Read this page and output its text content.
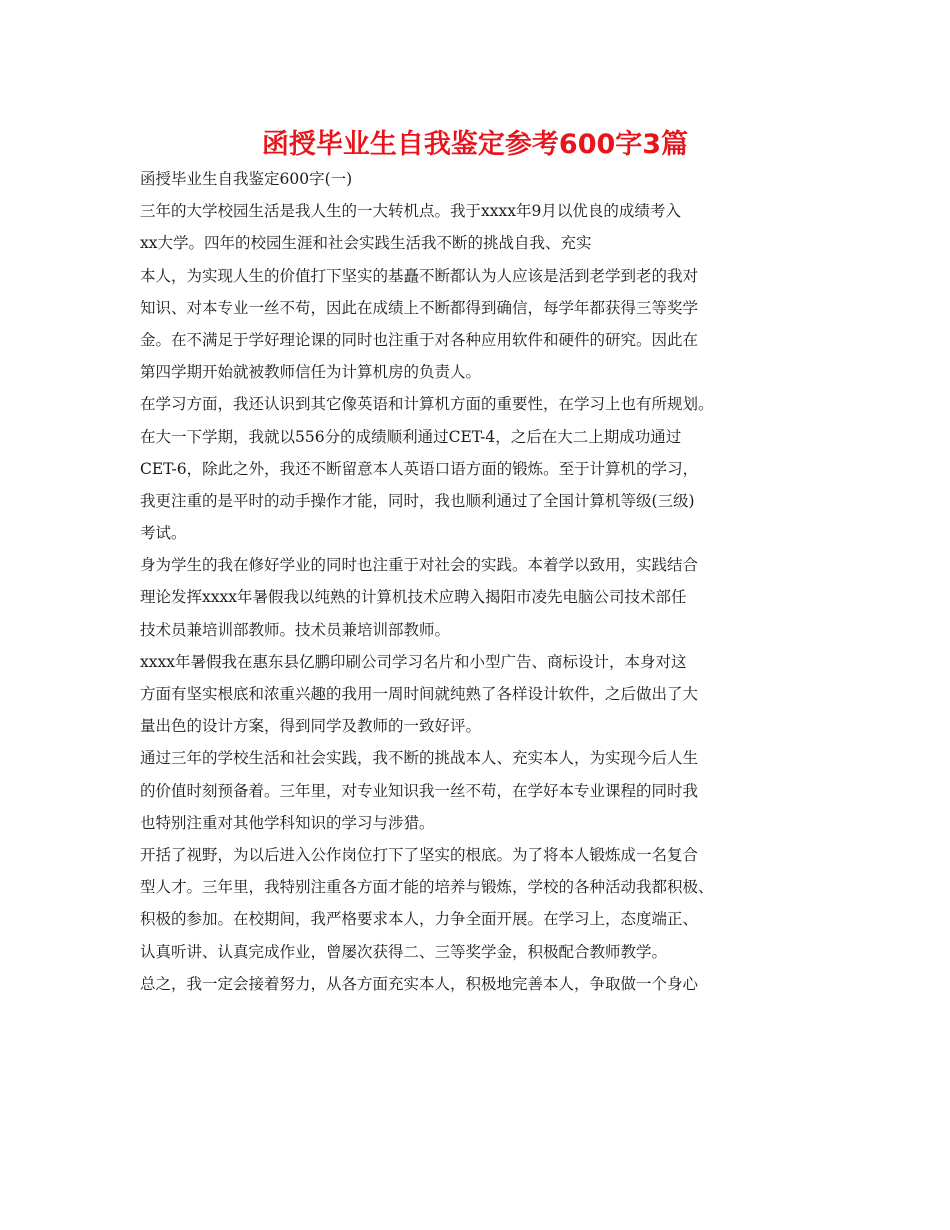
函授毕业生自我鉴定参考600字3篇
函授毕业生自我鉴定600字(一)
三年的大学校园生活是我人生的一大转机点。我于xxxx年9月以优良的成绩考入
xx大学。四年的校园生涯和社会实践生活我不断的挑战自我、充实
本人，为实现人生的价值打下坚实的基矗不断都认为人应该是活到老学到老的我对
知识、对本专业一丝不苟，因此在成绩上不断都得到确信，每学年都获得三等奖学
金。在不满足于学好理论课的同时也注重于对各种应用软件和硬件的研究。因此在
第四学期开始就被教师信任为计算机房的负责人。
在学习方面，我还认识到其它像英语和计算机方面的重要性，在学习上也有所规划。
在大一下学期，我就以556分的成绩顺利通过CET-4，之后在大二上期成功通过
CET-6，除此之外，我还不断留意本人英语口语方面的锻炼。至于计算机的学习，
我更注重的是平时的动手操作才能，同时，我也顺利通过了全国计算机等级(三级)
考试。
身为学生的我在修好学业的同时也注重于对社会的实践。本着学以致用，实践结合
理论发挥xxxx年暑假我以纯熟的计算机技术应聘入揭阳市凌先电脑公司技术部任
技术员兼培训部教师。技术员兼培训部教师。
xxxx年暑假我在惠东县亿鹏印刷公司学习名片和小型广告、商标设计，本身对这
方面有坚实根底和浓重兴趣的我用一周时间就纯熟了各样设计软件，之后做出了大
量出色的设计方案，得到同学及教师的一致好评。
通过三年的学校生活和社会实践，我不断的挑战本人、充实本人，为实现今后人生
的价值时刻预备着。三年里，对专业知识我一丝不苟，在学好本专业课程的同时我
也特别注重对其他学科知识的学习与涉猎。
开括了视野，为以后进入公作岗位打下了坚实的根底。为了将本人锻炼成一名复合
型人才。三年里，我特别注重各方面才能的培养与锻炼，学校的各种活动我都积极、
积极的参加。在校期间，我严格要求本人，力争全面开展。在学习上，态度端正、
认真听讲、认真完成作业，曾屡次获得二、三等奖学金，积极配合教师教学。
总之，我一定会接着努力，从各方面充实本人，积极地完善本人，争取做一个身心
